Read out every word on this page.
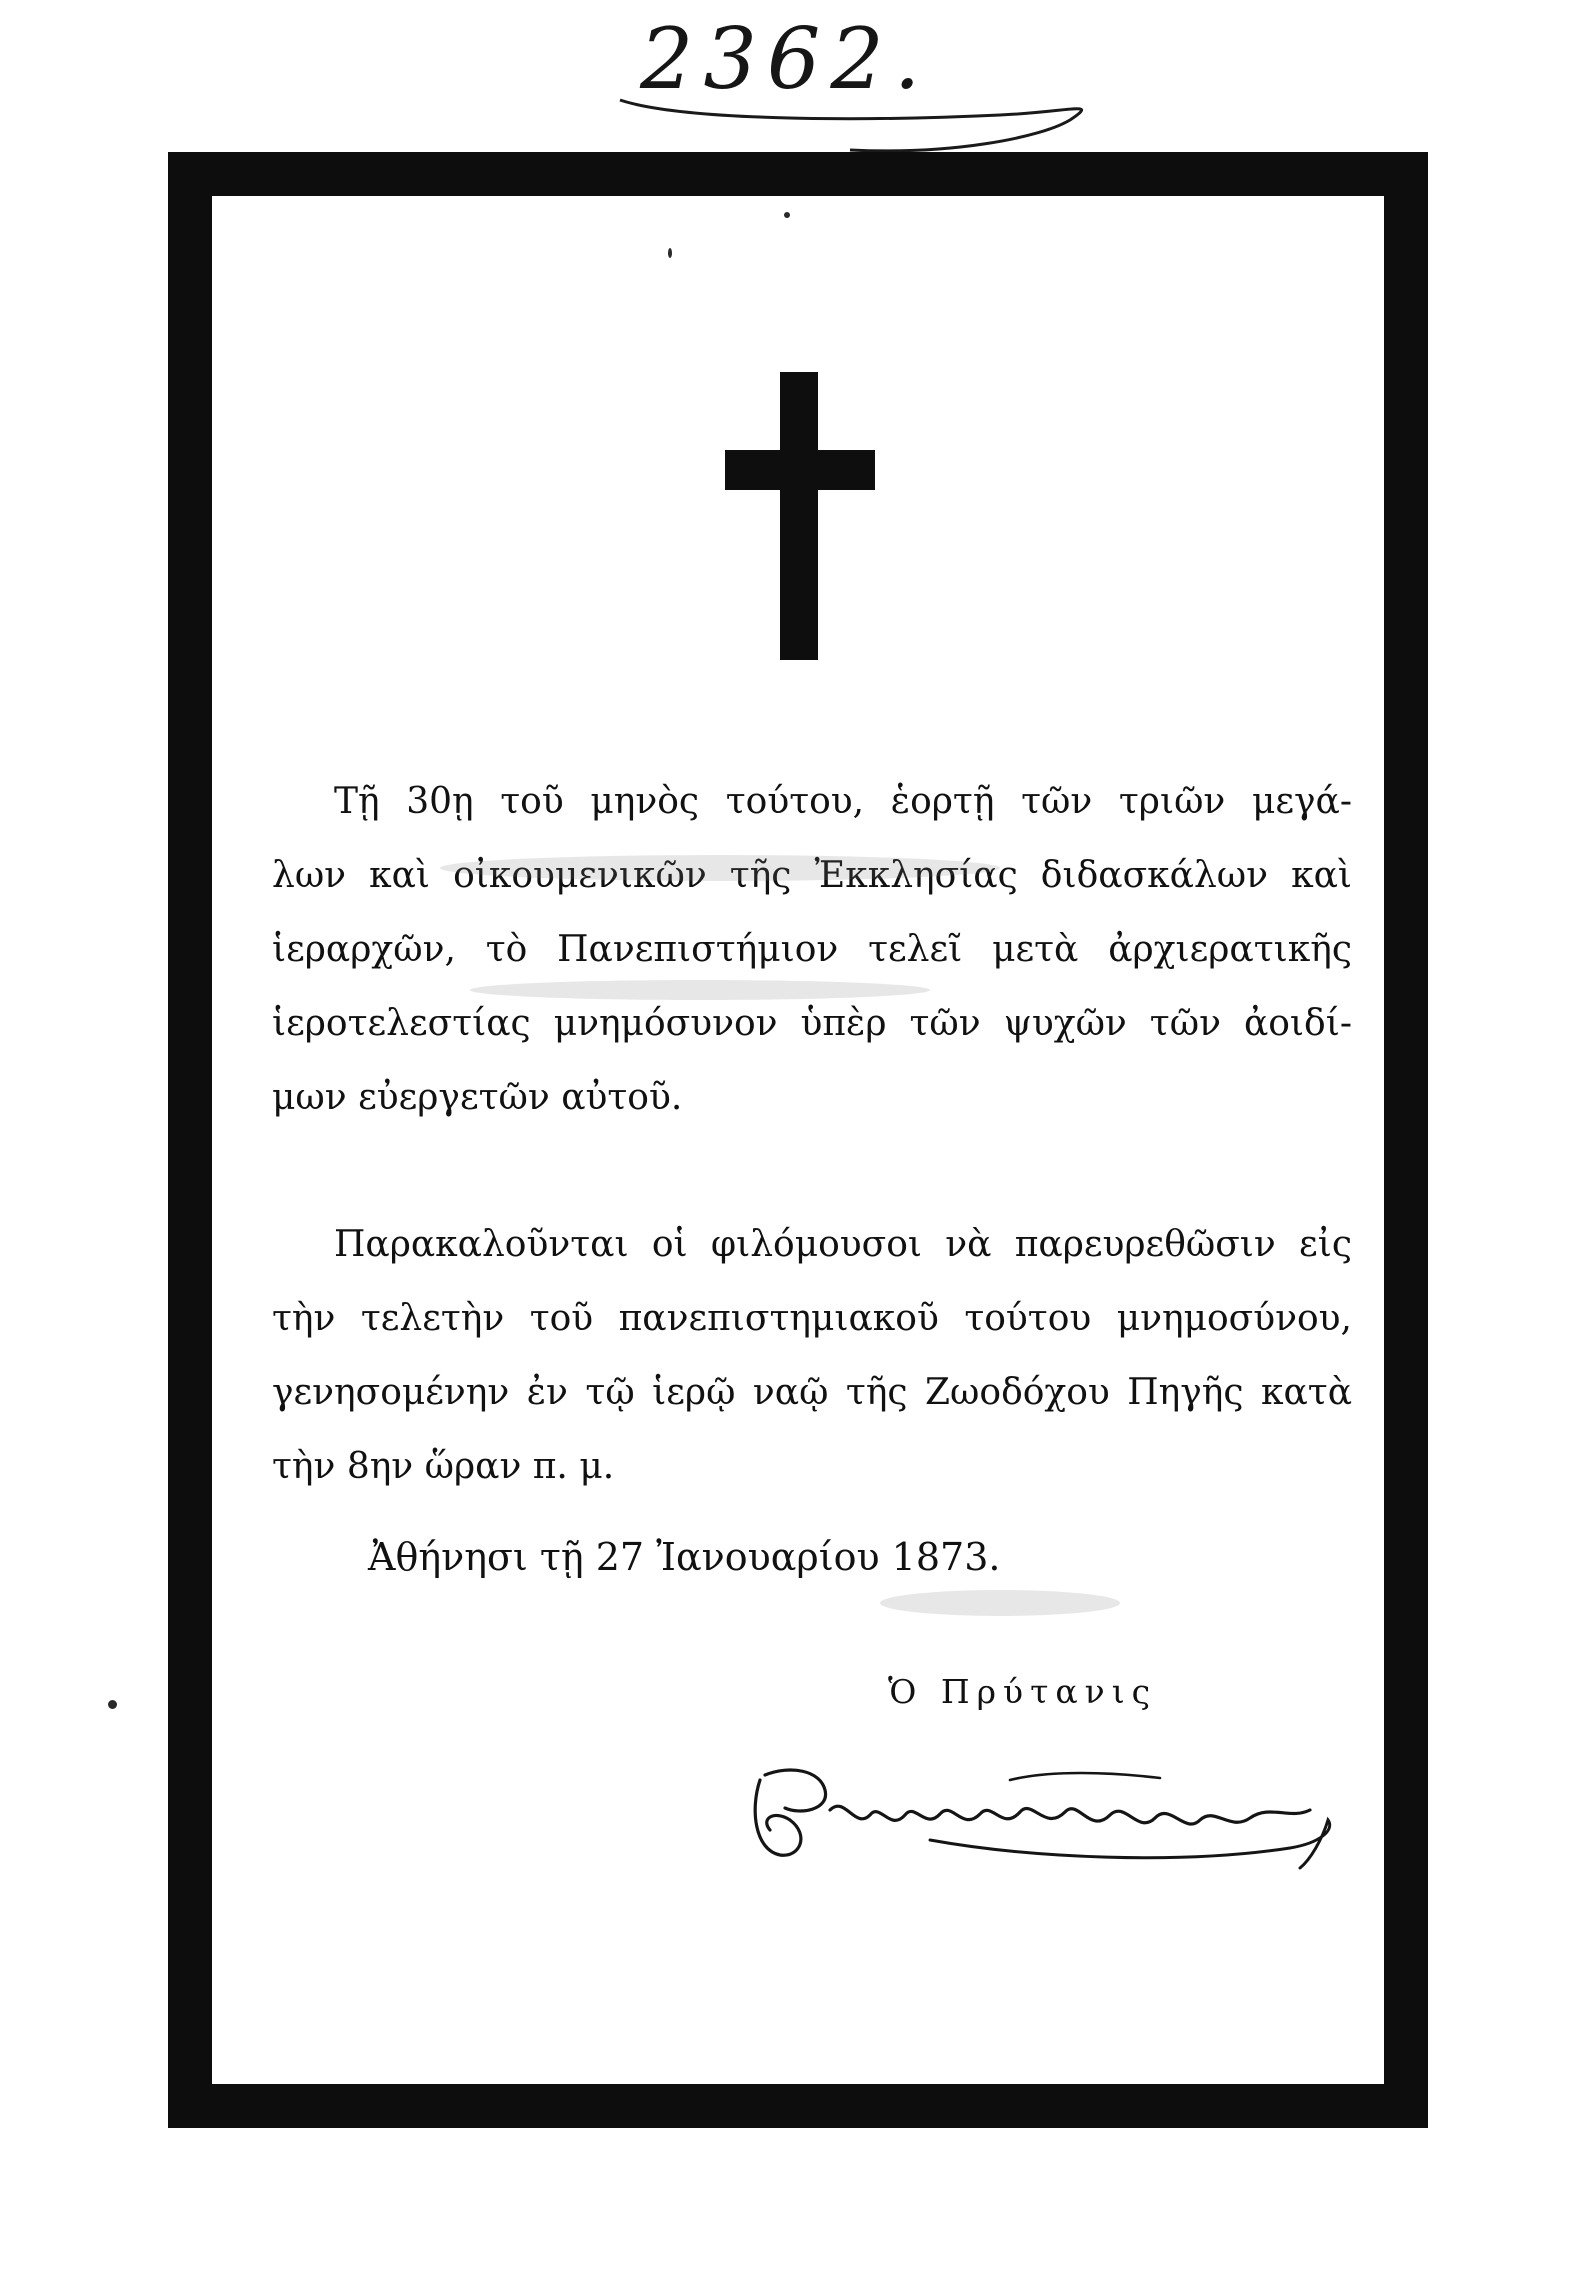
2362.
Τῇ 30ῃ τοῦ μηνὸς τούτου, ἑορτῇ τῶν τριῶν μεγά-
λων καὶ οἰκουμενικῶν τῆς Ἐκκλησίας διδασκάλων καὶ
ἱεραρχῶν, τὸ Πανεπιστήμιον τελεῖ μετὰ ἀρχιερατικῆς
ἱεροτελεστίας μνημόσυνον ὑπὲρ τῶν ψυχῶν τῶν ἀοιδί-
μων εὐεργετῶν αὐτοῦ.
Παρακαλοῦνται οἱ φιλόμουσοι νὰ παρευρεθῶσιν εἰς
τὴν τελετὴν τοῦ πανεπιστημιακοῦ τούτου μνημοσύνου,
γενησομένην ἐν τῷ ἱερῷ ναῷ τῆς Ζωοδόχου Πηγῆς κατὰ
τὴν 8ην ὥραν π. μ.
Ἀθήνησι τῇ 27 Ἰανουαρίου 1873.
Ὁ Πρύτανις
